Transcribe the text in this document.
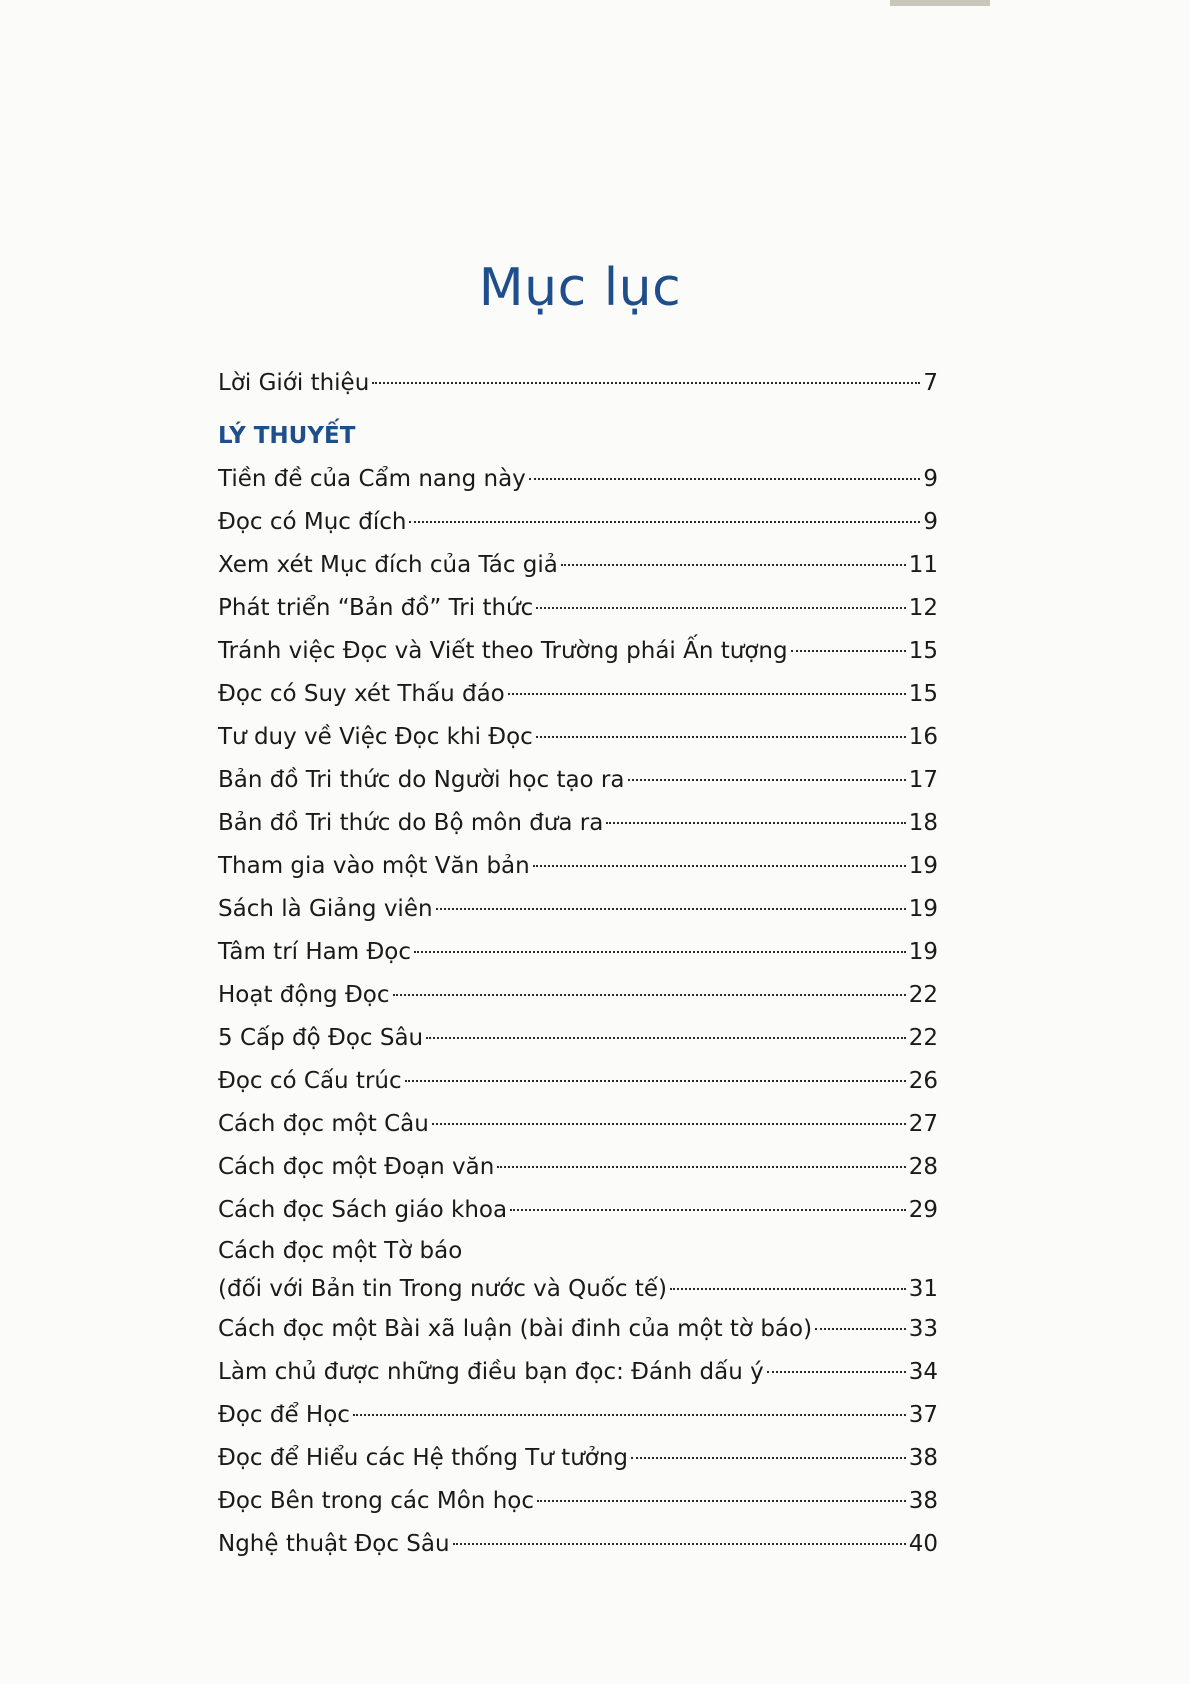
Mục lục
Lời Giới thiệu	7
LÝ THUYẾT
Tiền đề của Cẩm nang này	9
Đọc có Mục đích	9
Xem xét Mục đích của Tác giả	11
Phát triển “Bản đồ” Tri thức	12
Tránh việc Đọc và Viết theo Trường phái Ấn tượng	15
Đọc có Suy xét Thấu đáo	15
Tư duy về Việc Đọc khi Đọc	16
Bản đồ Tri thức do Người học tạo ra	17
Bản đồ Tri thức do Bộ môn đưa ra	18
Tham gia vào một Văn bản	19
Sách là Giảng viên	19
Tâm trí Ham Đọc	19
Hoạt động Đọc	22
5 Cấp độ Đọc Sâu	22
Đọc có Cấu trúc	26
Cách đọc một Câu	27
Cách đọc một Đoạn văn	28
Cách đọc Sách giáo khoa	29
Cách đọc một Tờ báo
(đối với Bản tin Trong nước và Quốc tế)	31
Cách đọc một Bài xã luận (bài đinh của một tờ báo)	33
Làm chủ được những điều bạn đọc: Đánh dấu ý	34
Đọc để Học	37
Đọc để Hiểu các Hệ thống Tư tưởng	38
Đọc Bên trong các Môn học	38
Nghệ thuật Đọc Sâu	40
